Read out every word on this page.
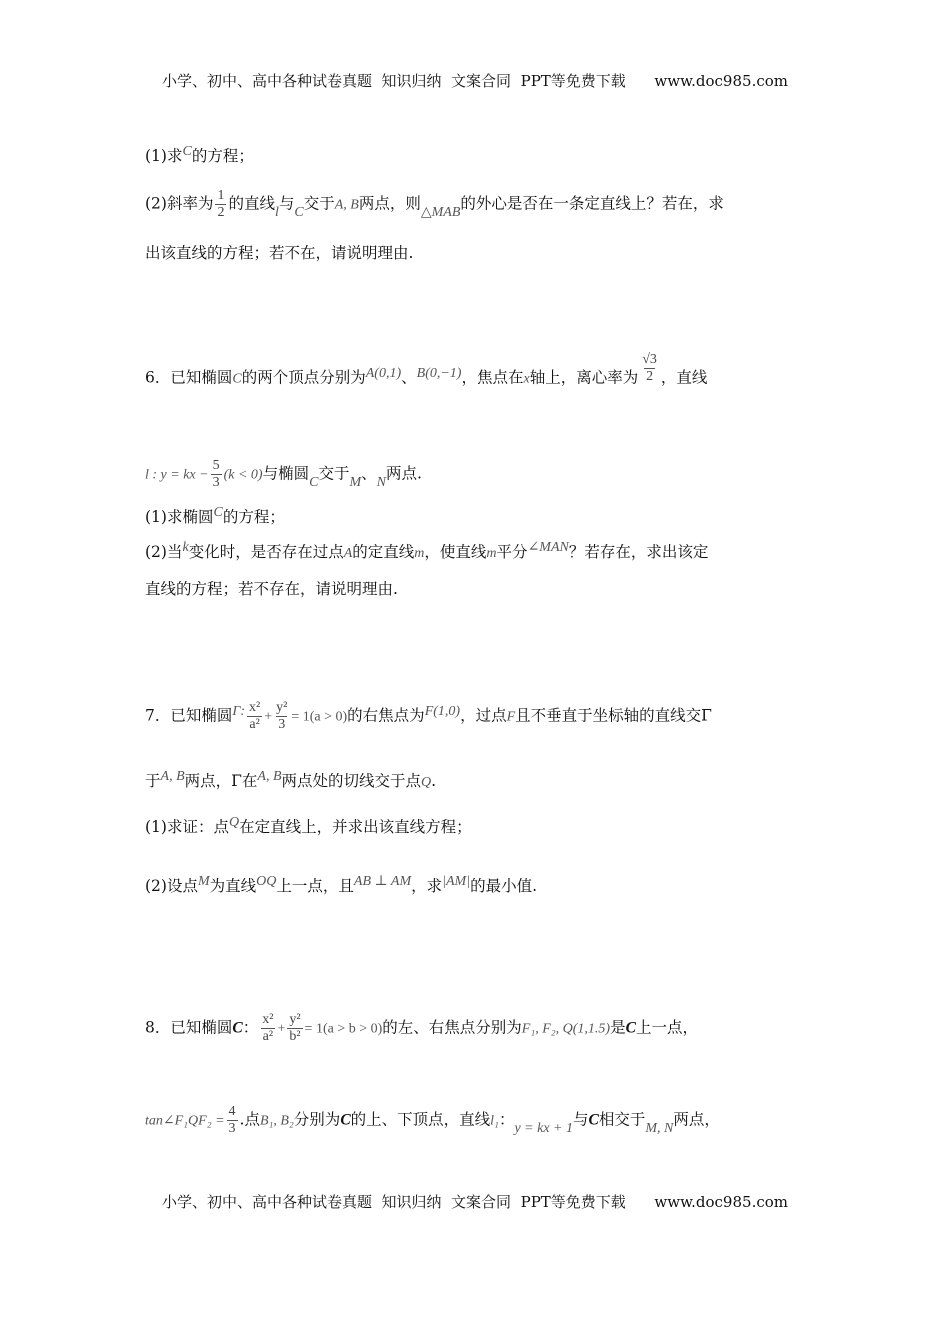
小学、初中、高中各种试卷真题  知识归纳  文案合同  PPT等免费下载      www.doc985.com
(1)求C的方程；
(2)斜率为 $\frac{1}{2}$ 的直线l与C交于A, B两点，则△MAB的外心是否在一条定直线上？若在，求
出该直线的方程；若不在，请说明理由.
6．已知椭圆C的两个顶点分别为A(0,1)、B(0,−1)，焦点在x轴上，离心率为 $\frac{√3}{2}$ ，直线
l : y = kx − $\frac{5}{3} (k < 0)$与椭圆C交于M、N两点.
(1)求椭圆C的方程；
(2)当k变化时，是否存在过点A的定直线m，使直线m平分∠MAN？若存在，求出该定
直线的方程；若不存在，请说明理由.
7．已知椭圆Γ: $\frac{\text{x²}}{\text{a²}} + \frac{\text{y²}}{3} = 1(a > 0)$的右焦点为F(1,0)，过点F且不垂直于坐标轴的直线交Γ
于A, B两点，Γ在A, B两点处的切线交于点Q.
(1)求证：点Q在定直线上，并求出该直线方程；
(2)设点M为直线OQ上一点，且AB ⊥ AM，求|AM|的最小值.
8．已知椭圆C： $\frac{\text{x²}}{\text{a²}} + \frac{\text{y²}}{\text{b²}} = 1(a > b > 0)$的左、右焦点分别为F₁, F₂, Q(1,1.5)是C上一点，
tan∠F₁QF₂ = $\frac{4}{3}$ .点B₁, B₂分别为C的上、下顶点，直线l₁：y = kx + 1与C相交于M, N两点，
小学、初中、高中各种试卷真题  知识归纳  文案合同  PPT等免费下载      www.doc985.com
